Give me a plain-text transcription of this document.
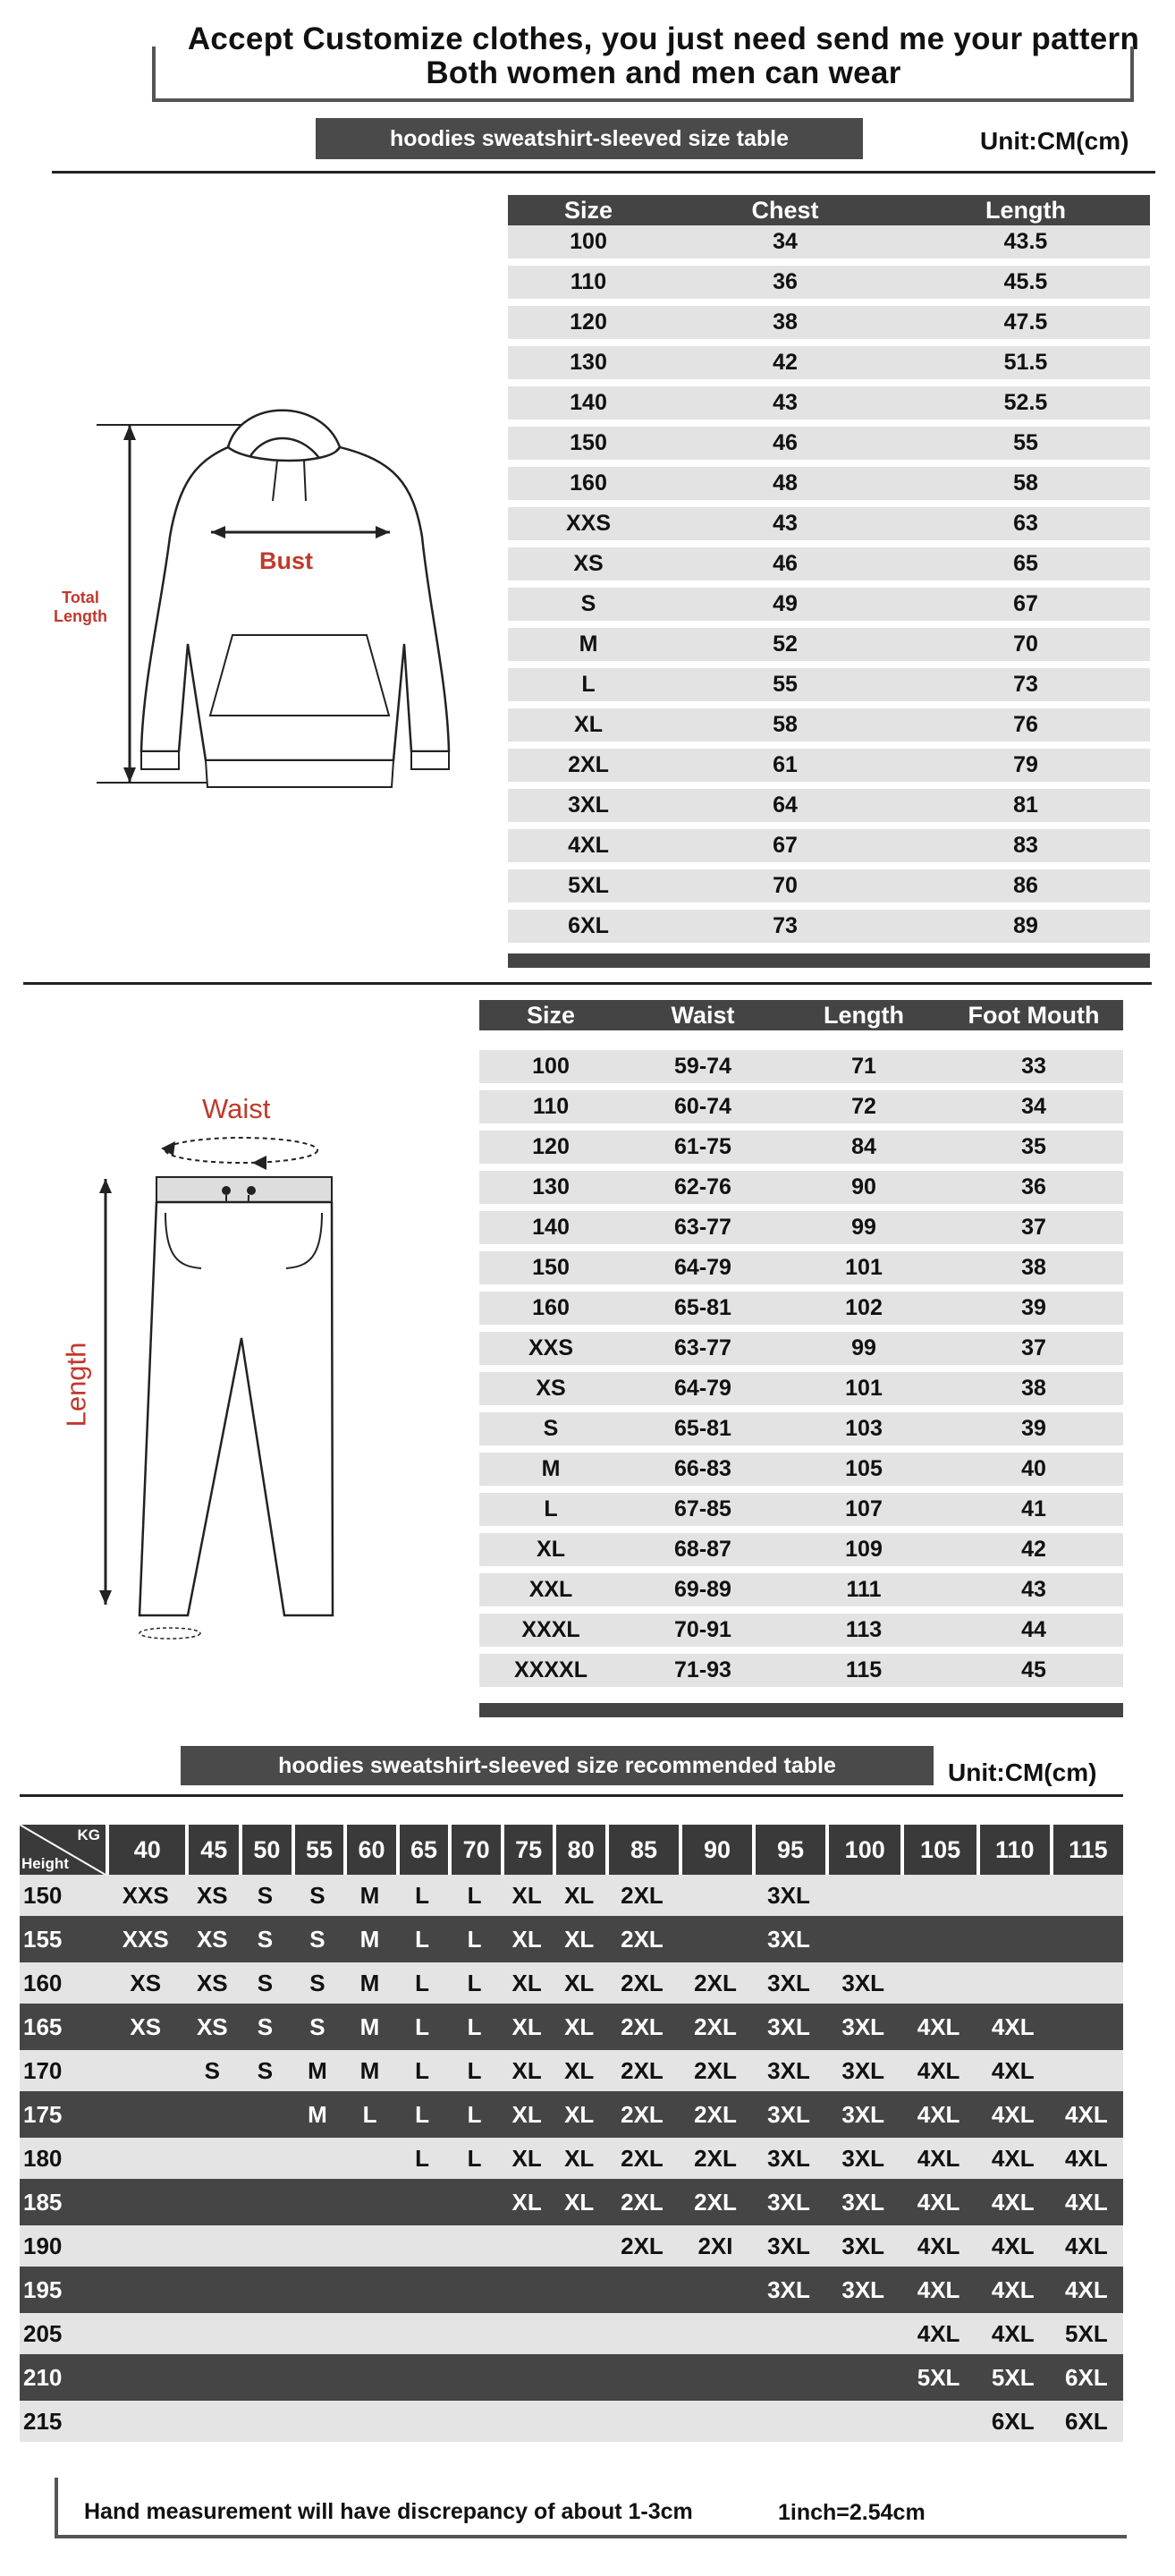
Accept Customize clothes, you just need send me your pattern
Both women and men can wear
hoodies sweatshirt-sleeved size table	Unit:CM(cm)
Bust
Total
Length
Size	Chest	Length
100	34	43.5
110	36	45.5
120	38	47.5
130	42	51.5
140	43	52.5
150	46	55
160	48	58
XXS	43	63
XS	46	65
S	49	67
M	52	70
L	55	73
XL	58	76
2XL	61	79
3XL	64	81
4XL	67	83
5XL	70	86
6XL	73	89
Waist
Length
Size	Waist	Length	Foot Mouth
100	59-74	71	33
110	60-74	72	34
120	61-75	84	35
130	62-76	90	36
140	63-77	99	37
150	64-79	101	38
160	65-81	102	39
XXS	63-77	99	37
XS	64-79	101	38
S	65-81	103	39
M	66-83	105	40
L	67-85	107	41
XL	68-87	109	42
XXL	69-89	111	43
XXXL	70-91	113	44
XXXXL	71-93	115	45
hoodies sweatshirt-sleeved size recommended table	Unit:CM(cm)
KG
Height	40	45	50	55	60	65	70	75	80	85	90	95	100	105	110	115
150	XXS	XS	S	S	M	L	L	XL	XL	2XL		3XL				
155	XXS	XS	S	S	M	L	L	XL	XL	2XL		3XL				
160	XS	XS	S	S	M	L	L	XL	XL	2XL	2XL	3XL	3XL			
165	XS	XS	S	S	M	L	L	XL	XL	2XL	2XL	3XL	3XL	4XL	4XL	
170		S	S	M	M	L	L	XL	XL	2XL	2XL	3XL	3XL	4XL	4XL	
175				M	L	L	L	XL	XL	2XL	2XL	3XL	3XL	4XL	4XL	4XL
180						L	L	XL	XL	2XL	2XL	3XL	3XL	4XL	4XL	4XL
185								XL	XL	2XL	2XL	3XL	3XL	4XL	4XL	4XL
190										2XL	2XI	3XL	3XL	4XL	4XL	4XL
195												3XL	3XL	4XL	4XL	4XL
205														4XL	4XL	5XL
210														5XL	5XL	6XL
215															6XL	6XL
Hand measurement will have discrepancy of about 1-3cm	1inch=2.54cm
